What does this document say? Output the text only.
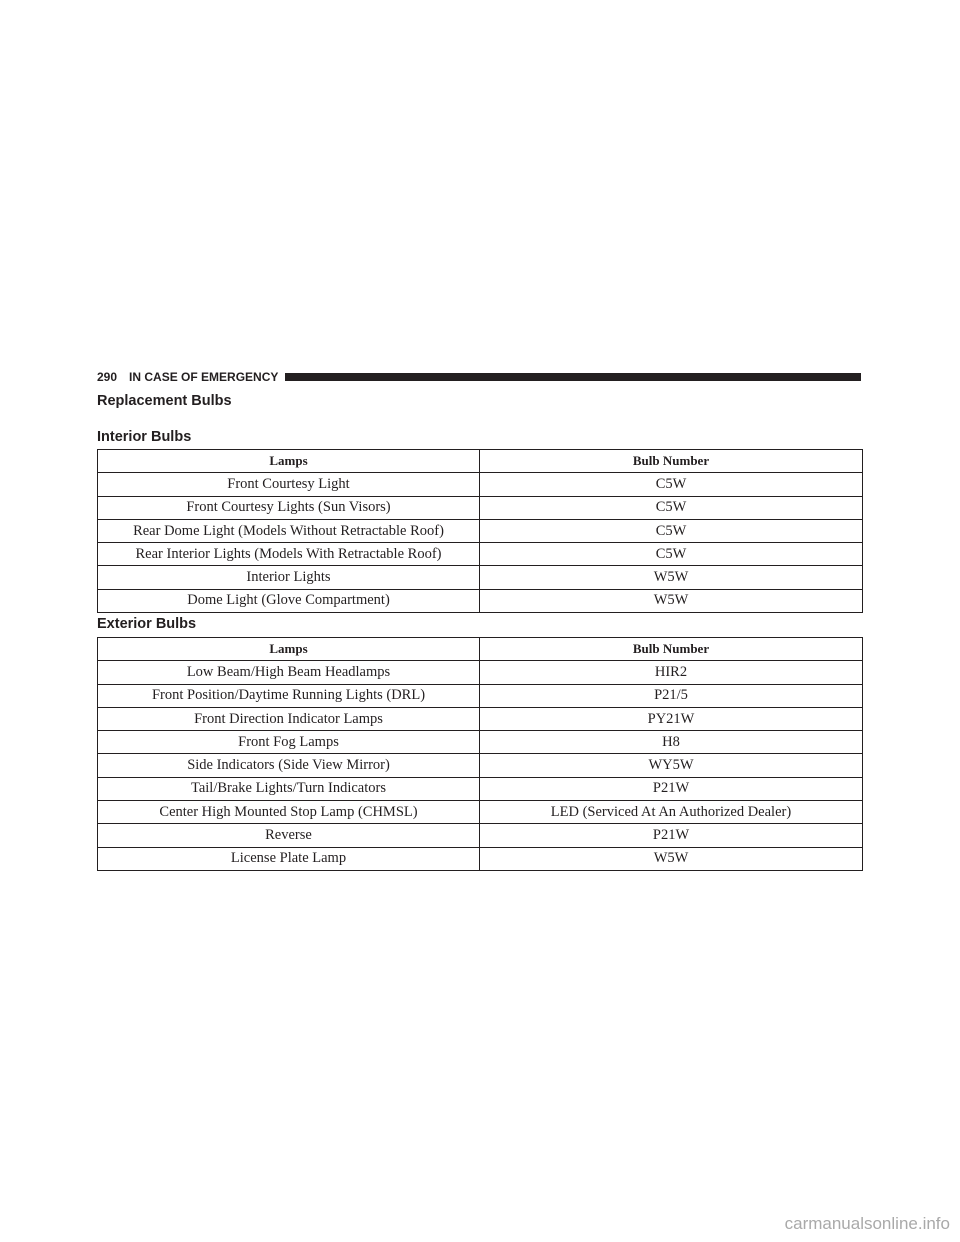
290 IN CASE OF EMERGENCY
Replacement Bulbs
Interior Bulbs
Lamps	Bulb Number
Front Courtesy Light	C5W
Front Courtesy Lights (Sun Visors)	C5W
Rear Dome Light (Models Without Retractable Roof)	C5W
Rear Interior Lights (Models With Retractable Roof)	C5W
Interior Lights	W5W
Dome Light (Glove Compartment)	W5W
Exterior Bulbs
Lamps	Bulb Number
Low Beam/High Beam Headlamps	HIR2
Front Position/Daytime Running Lights (DRL)	P21/5
Front Direction Indicator Lamps	PY21W
Front Fog Lamps	H8
Side Indicators (Side View Mirror)	WY5W
Tail/Brake Lights/Turn Indicators	P21W
Center High Mounted Stop Lamp (CHMSL)	LED (Serviced At An Authorized Dealer)
Reverse	P21W
License Plate Lamp	W5W
carmanualsonline.info
